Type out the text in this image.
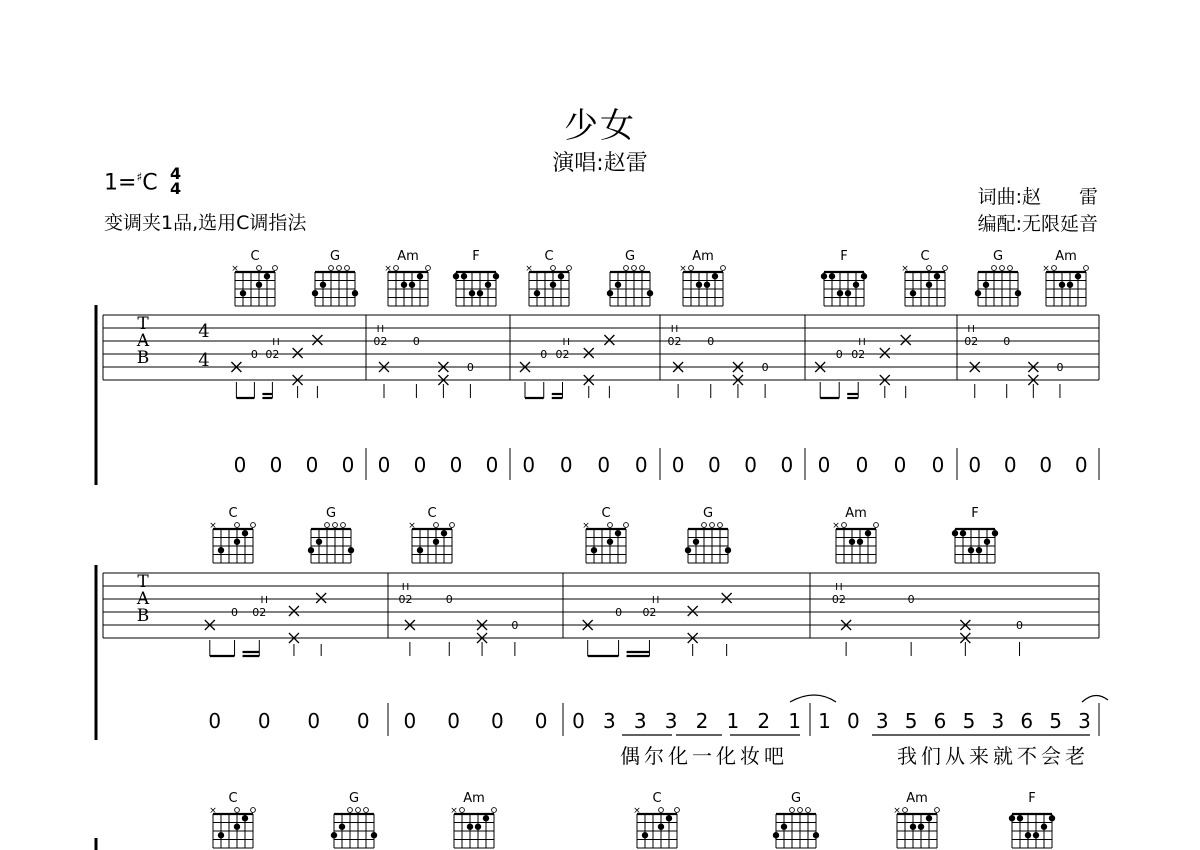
少女
演唱:赵雷
1=♯C 4
4
变调夹1品,选用C调指法
词曲:赵　　雷
编配:无限延音
C
×
G	Am
×
F	C
×
G	Am
×
F	C
×
G	Am
×
T
A
B
4
4	0 02
H	02
H
0
0
0 02
H	02
H
0
0
0 02
H	02
H
0
0
0 0 0 0 0 0 0 0 0 0 0 0 0 0 0 0 0 0 0 0 0 0 0 0
C
×
G	C
×
C
×
G	Am
×
F
T
A
B	0 02
H	02
H
0
0
0 02
H	02
H
0
0
0 0 0 0 0 0 0 0 0 3 3 3 2 1 2 1 1 0 3 5 6 5 3 6 5 3
偶尔化一化妆吧	我们从来就不会老
C
×
G	Am
×
C
×
G	Am
×
F
